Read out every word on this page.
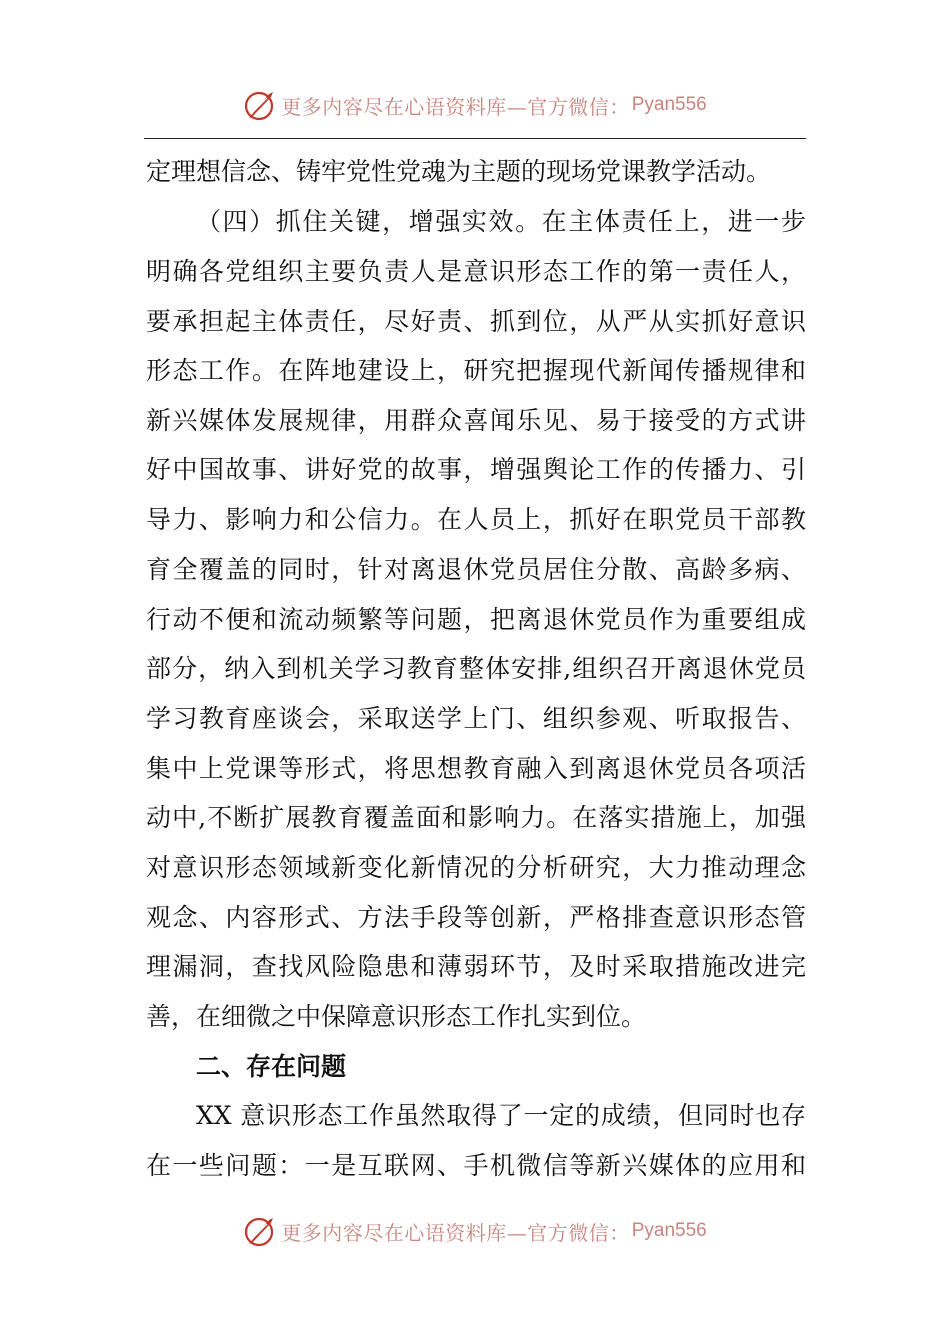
更多内容尽在心语资料库—官方微信： Pyan556
定理想信念、铸牢党性党魂为主题的现场党课教学活动。
（四）抓住关键，增强实效。在主体责任上，进一步
明确各党组织主要负责人是意识形态工作的第一责任人，
要承担起主体责任，尽好责、抓到位，从严从实抓好意识
形态工作。在阵地建设上，研究把握现代新闻传播规律和
新兴媒体发展规律，用群众喜闻乐见、易于接受的方式讲
好中国故事、讲好党的故事，增强舆论工作的传播力、引
导力、影响力和公信力。在人员上，抓好在职党员干部教
育全覆盖的同时，针对离退休党员居住分散、高龄多病、
行动不便和流动频繁等问题，把离退休党员作为重要组成
部分，纳入到机关学习教育整体安排,组织召开离退休党员
学习教育座谈会，采取送学上门、组织参观、听取报告、
集中上党课等形式，将思想教育融入到离退休党员各项活
动中,不断扩展教育覆盖面和影响力。在落实措施上，加强
对意识形态领域新变化新情况的分析研究，大力推动理念
观念、内容形式、方法手段等创新，严格排查意识形态管
理漏洞，查找风险隐患和薄弱环节，及时采取措施改进完
善，在细微之中保障意识形态工作扎实到位。
二、存在问题
XX 意识形态工作虽然取得了一定的成绩，但同时也存
在一些问题：一是互联网、手机微信等新兴媒体的应用和
更多内容尽在心语资料库—官方微信： Pyan556
